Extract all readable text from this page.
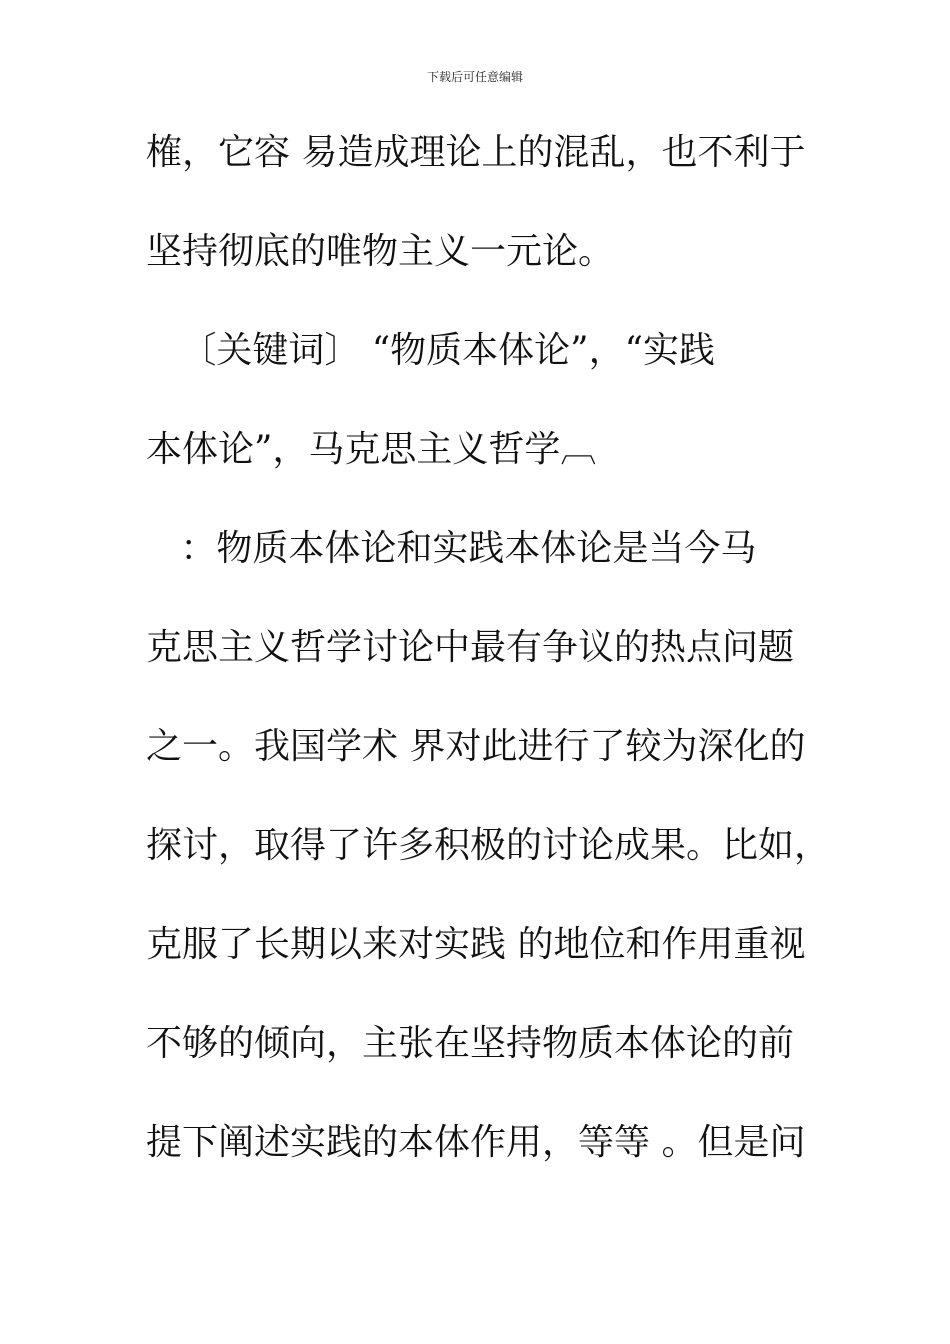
下载后可任意编辑
榷，它容 易造成理论上的混乱，也不利于
坚持彻底的唯物主义一元论。
〔关键词〕 “物质本体论”，“实践
本体论”，马克思主义哲学︹
：物质本体论和实践本体论是当今马
克思主义哲学讨论中最有争议的热点问题
之一。我国学术 界对此进行了较为深化的
探讨，取得了许多积极的讨论成果。比如，
克服了长期以来对实践 的地位和作用重视
不够的倾向，主张在坚持物质本体论的前
提下阐述实践的本体作用，等等 。但是问
